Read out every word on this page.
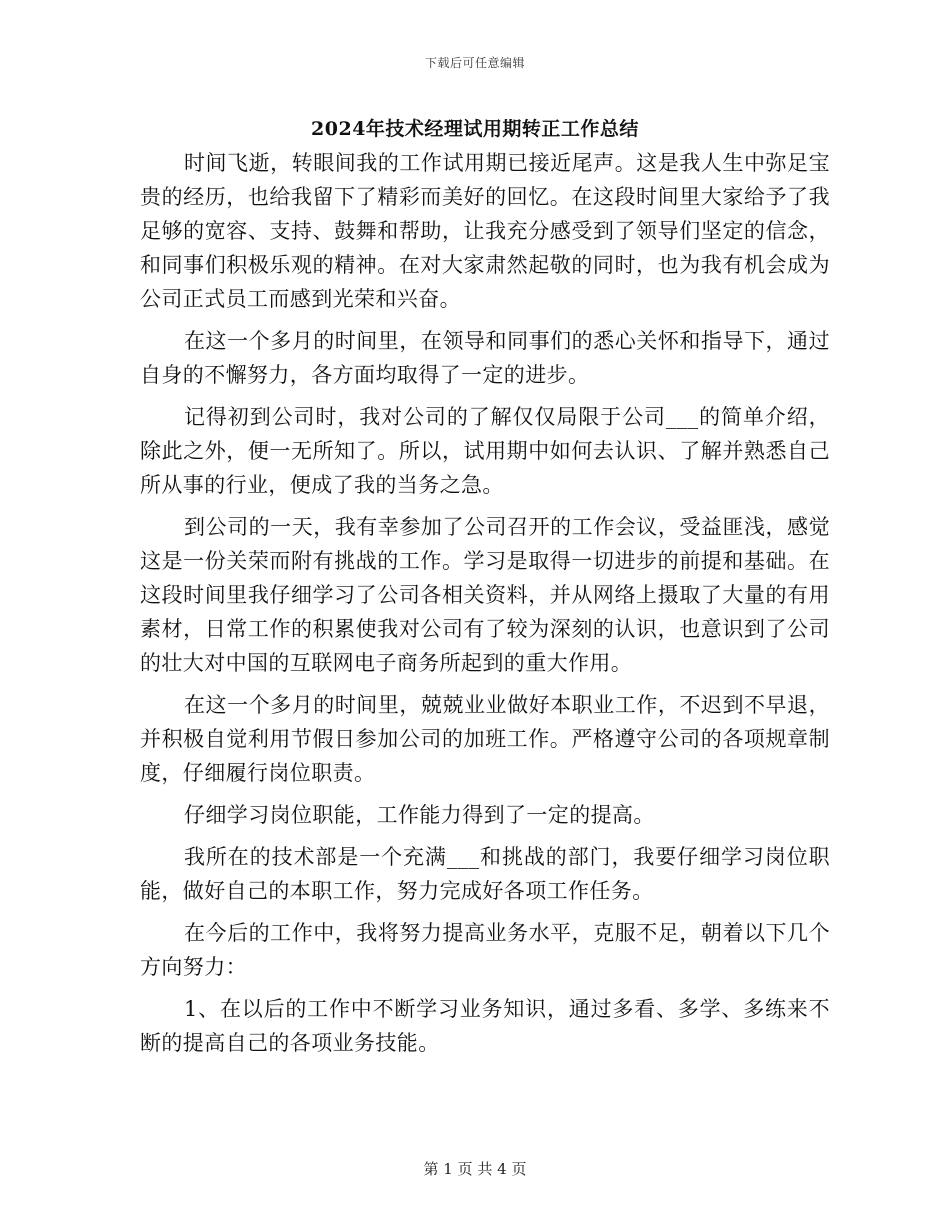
下载后可任意编辑
2024年技术经理试用期转正工作总结

时间飞逝，转眼间我的工作试用期已接近尾声。这是我人生中弥足宝贵的经历，也给我留下了精彩而美好的回忆。在这段时间里大家给予了我足够的宽容、支持、鼓舞和帮助，让我充分感受到了领导们坚定的信念，和同事们积极乐观的精神。在对大家肃然起敬的同时，也为我有机会成为公司正式员工而感到光荣和兴奋。

在这一个多月的时间里，在领导和同事们的悉心关怀和指导下，通过自身的不懈努力，各方面均取得了一定的进步。

记得初到公司时，我对公司的了解仅仅局限于公司___的简单介绍，除此之外，便一无所知了。所以，试用期中如何去认识、了解并熟悉自己所从事的行业，便成了我的当务之急。

到公司的一天，我有幸参加了公司召开的工作会议，受益匪浅，感觉这是一份关荣而附有挑战的工作。学习是取得一切进步的前提和基础。在这段时间里我仔细学习了公司各相关资料，并从网络上摄取了大量的有用素材，日常工作的积累使我对公司有了较为深刻的认识，也意识到了公司的壮大对中国的互联网电子商务所起到的重大作用。

在这一个多月的时间里，兢兢业业做好本职业工作，不迟到不早退，并积极自觉利用节假日参加公司的加班工作。严格遵守公司的各项规章制度，仔细履行岗位职责。

仔细学习岗位职能，工作能力得到了一定的提高。

我所在的技术部是一个充满___和挑战的部门，我要仔细学习岗位职能，做好自己的本职工作，努力完成好各项工作任务。

在今后的工作中，我将努力提高业务水平，克服不足，朝着以下几个方向努力：

1、在以后的工作中不断学习业务知识，通过多看、多学、多练来不断的提高自己的各项业务技能。

第 1 页 共 4 页
